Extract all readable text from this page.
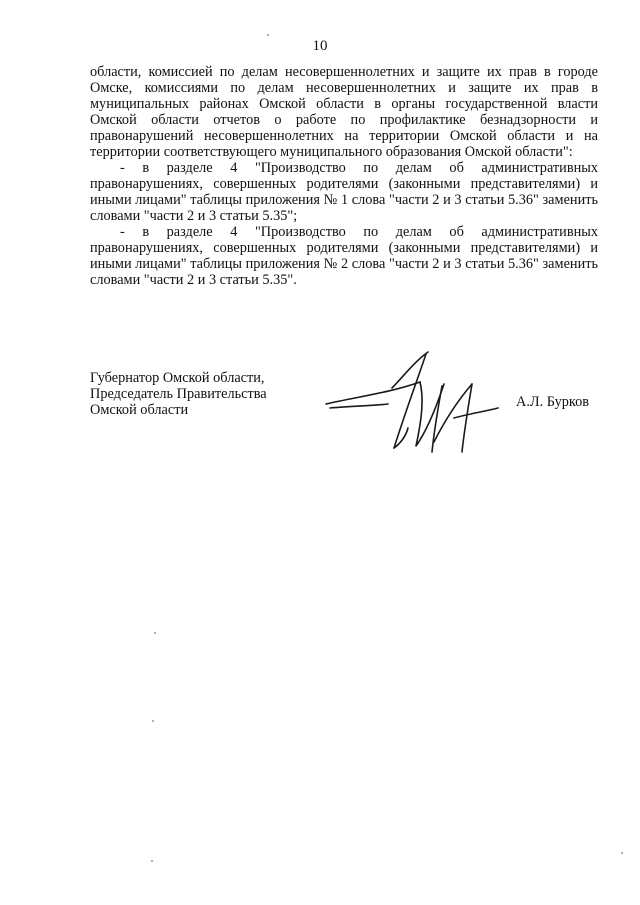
10

области, комиссией по делам несовершеннолетних и защите их прав в городе Омске, комиссиями по делам несовершеннолетних и защите их прав в муниципальных районах Омской области в органы государственной власти Омской области отчетов о работе по профилактике безнадзорности и правонарушений несовершеннолетних на территории Омской области и на территории соответствующего муниципального образования Омской области":

- в разделе 4 "Производство по делам об административных правонарушениях, совершенных родителями (законными представителями) и иными лицами" таблицы приложения № 1 слова "части 2 и 3 статьи 5.36" заменить словами "части 2 и 3 статьи 5.35";

- в разделе 4 "Производство по делам об административных правонарушениях, совершенных родителями (законными представителями) и иными лицами" таблицы приложения № 2 слова "части 2 и 3 статьи 5.36" заменить словами "части 2 и 3 статьи 5.35".

Губернатор Омской области,
Председатель Правительства
Омской области	А.Л. Бурков
